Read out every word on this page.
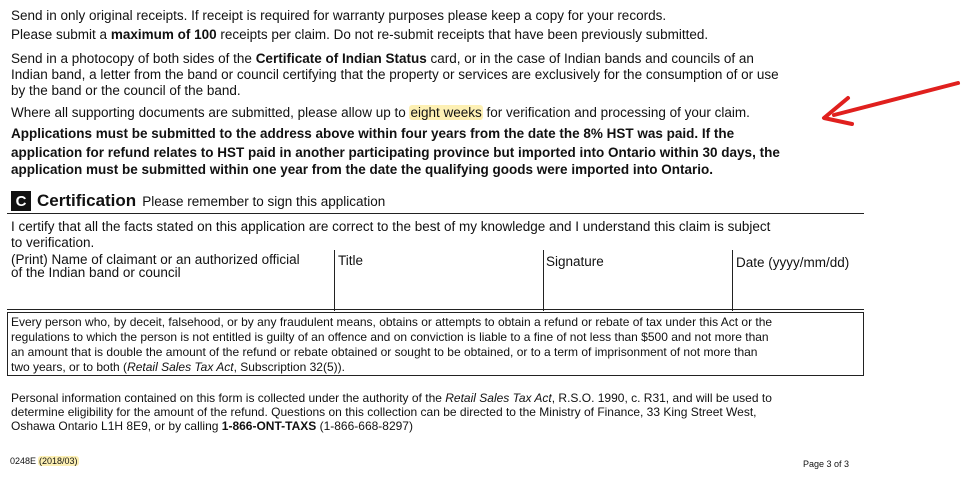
Send in only original receipts. If receipt is required for warranty purposes please keep a copy for your records.
Please submit a maximum of 100 receipts per claim. Do not re-submit receipts that have been previously submitted.
Send in a photocopy of both sides of the Certificate of Indian Status card, or in the case of Indian bands and councils of an
Indian band, a letter from the band or council certifying that the property or services are exclusively for the consumption of or use
by the band or the council of the band.
Where all supporting documents are submitted, please allow up to eight weeks for verification and processing of your claim.
Applications must be submitted to the address above within four years from the date the 8% HST was paid. If the
application for refund relates to HST paid in another participating province but imported into Ontario within 30 days, the
application must be submitted within one year from the date the qualifying goods were imported into Ontario.
C Certification Please remember to sign this application
I certify that all the facts stated on this application are correct to the best of my knowledge and I understand this claim is subject
to verification.
(Print) Name of claimant or an authorized official
of the Indian band or council
Title	Signature	Date (yyyy/mm/dd)
Every person who, by deceit, falsehood, or by any fraudulent means, obtains or attempts to obtain a refund or rebate of tax under this Act or the
regulations to which the person is not entitled is guilty of an offence and on conviction is liable to a fine of not less than $500 and not more than
an amount that is double the amount of the refund or rebate obtained or sought to be obtained, or to a term of imprisonment of not more than
two years, or to both (Retail Sales Tax Act, Subscription 32(5)).
Personal information contained on this form is collected under the authority of the Retail Sales Tax Act, R.S.O. 1990, c. R31, and will be used to
determine eligibility for the amount of the refund. Questions on this collection can be directed to the Ministry of Finance, 33 King Street West,
Oshawa Ontario L1H 8E9, or by calling 1-866-ONT-TAXS (1-866-668-8297)
0248E (2018/03)	Page 3 of 3
